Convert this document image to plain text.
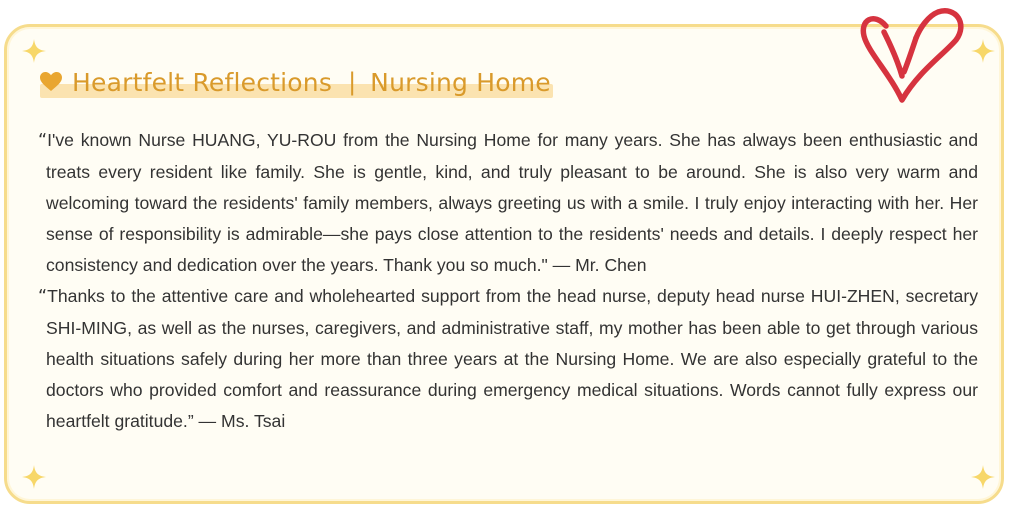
Heartfelt Reflections | Nursing Home

“I've known Nurse HUANG, YU-ROU from the Nursing Home for many years. She has always been enthusiastic and treats every resident like family. She is gentle, kind, and truly pleasant to be around. She is also very warm and welcoming toward the residents' family members, always greeting us with a smile. I truly enjoy interacting with her. Her sense of responsibility is admirable—she pays close attention to the residents' needs and details. I deeply respect her consistency and dedication over the years. Thank you so much." — Mr. Chen

“Thanks to the attentive care and wholehearted support from the head nurse, deputy head nurse HUI-ZHEN, secretary SHI-MING, as well as the nurses, caregivers, and administrative staff, my mother has been able to get through various health situations safely during her more than three years at the Nursing Home. We are also especially grateful to the doctors who provided comfort and reassurance during emergency medical situations. Words cannot fully express our heartfelt gratitude.” — Ms. Tsai
